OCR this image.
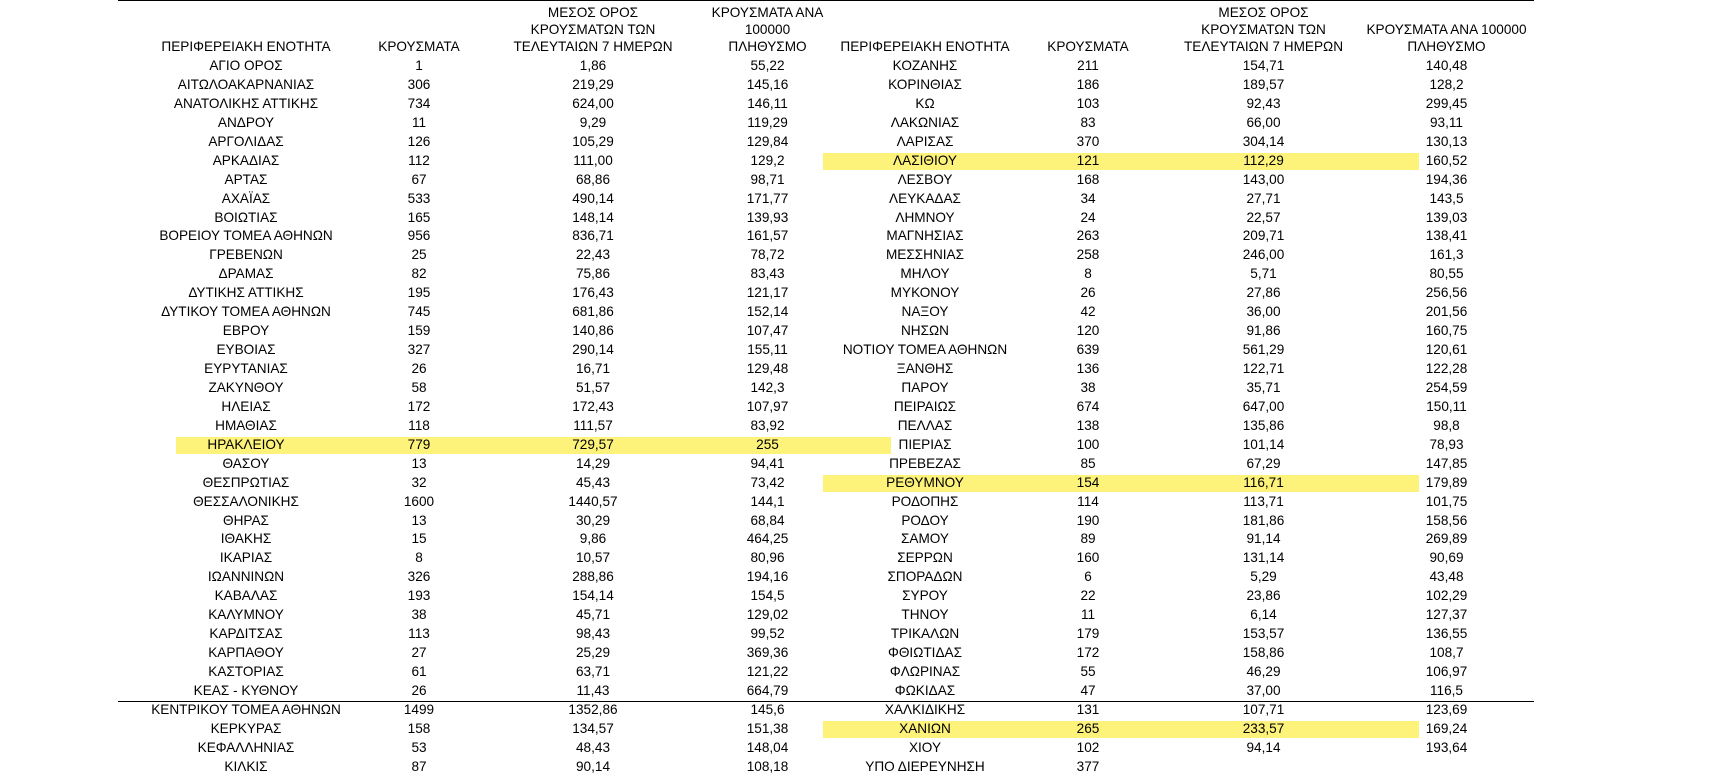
ΠΕΡΙΦΕΡΕΙΑΚΗ ΕΝΟΤΗΤΑ	ΚΡΟΥΣΜΑΤΑ
ΜΕΣΟΣ ΟΡΟΣ
ΚΡΟΥΣΜΑΤΩΝ ΤΩΝ
ΤΕΛΕΥΤΑΙΩΝ 7 ΗΜΕΡΩΝ
ΚΡΟΥΣΜΑΤΑ ΑΝΑ 100000
ΠΛΗΘΥΣΜΟ
ΑΓΙΟ ΟΡΟΣ	1	1,86	55,22
ΑΙΤΩΛΟΑΚΑΡΝΑΝΙΑΣ	306	219,29	145,16
ΑΝΑΤΟΛΙΚΗΣ ΑΤΤΙΚΗΣ	734	624,00	146,11
ΑΝΔΡΟΥ	11	9,29	119,29
ΑΡΓΟΛΙΔΑΣ	126	105,29	129,84
ΑΡΚΑΔΙΑΣ	112	111,00	129,2
ΑΡΤΑΣ	67	68,86	98,71
ΑΧΑΪΑΣ	533	490,14	171,77
ΒΟΙΩΤΙΑΣ	165	148,14	139,93
ΒΟΡΕΙΟΥ ΤΟΜΕΑ ΑΘΗΝΩΝ	956	836,71	161,57
ΓΡΕΒΕΝΩΝ	25	22,43	78,72
ΔΡΑΜΑΣ	82	75,86	83,43
ΔΥΤΙΚΗΣ ΑΤΤΙΚΗΣ	195	176,43	121,17
ΔΥΤΙΚΟΥ ΤΟΜΕΑ ΑΘΗΝΩΝ	745	681,86	152,14
ΕΒΡΟΥ	159	140,86	107,47
ΕΥΒΟΙΑΣ	327	290,14	155,11
ΕΥΡΥΤΑΝΙΑΣ	26	16,71	129,48
ΖΑΚΥΝΘΟΥ	58	51,57	142,3
ΗΛΕΙΑΣ	172	172,43	107,97
ΗΜΑΘΙΑΣ	118	111,57	83,92
ΗΡΑΚΛΕΙΟΥ	779	729,57	255
ΘΑΣΟΥ	13	14,29	94,41
ΘΕΣΠΡΩΤΙΑΣ	32	45,43	73,42
ΘΕΣΣΑΛΟΝΙΚΗΣ	1600	1440,57	144,1
ΘΗΡΑΣ	13	30,29	68,84
ΙΘΑΚΗΣ	15	9,86	464,25
ΙΚΑΡΙΑΣ	8	10,57	80,96
ΙΩΑΝΝΙΝΩΝ	326	288,86	194,16
ΚΑΒΑΛΑΣ	193	154,14	154,5
ΚΑΛΥΜΝΟΥ	38	45,71	129,02
ΚΑΡΔΙΤΣΑΣ	113	98,43	99,52
ΚΑΡΠΑΘΟΥ	27	25,29	369,36
ΚΑΣΤΟΡΙΑΣ	61	63,71	121,22
ΚΕΑΣ - ΚΥΘΝΟΥ	26	11,43	664,79
ΚΕΝΤΡΙΚΟΥ ΤΟΜΕΑ ΑΘΗΝΩΝ	1499	1352,86	145,6
ΚΕΡΚΥΡΑΣ	158	134,57	151,38
ΚΕΦΑΛΛΗΝΙΑΣ	53	48,43	148,04
ΚΙΛΚΙΣ	87	90,14	108,18
ΠΕΡΙΦΕΡΕΙΑΚΗ ΕΝΟΤΗΤΑ	ΚΡΟΥΣΜΑΤΑ
ΜΕΣΟΣ ΟΡΟΣ
ΚΡΟΥΣΜΑΤΩΝ ΤΩΝ
ΤΕΛΕΥΤΑΙΩΝ 7 ΗΜΕΡΩΝ
ΚΡΟΥΣΜΑΤΑ ΑΝΑ 100000
ΠΛΗΘΥΣΜΟ
ΚΟΖΑΝΗΣ	211	154,71	140,48
ΚΟΡΙΝΘΙΑΣ	186	189,57	128,2
ΚΩ	103	92,43	299,45
ΛΑΚΩΝΙΑΣ	83	66,00	93,11
ΛΑΡΙΣΑΣ	370	304,14	130,13
ΛΑΣΙΘΙΟΥ	121	112,29	160,52
ΛΕΣΒΟΥ	168	143,00	194,36
ΛΕΥΚΑΔΑΣ	34	27,71	143,5
ΛΗΜΝΟΥ	24	22,57	139,03
ΜΑΓΝΗΣΙΑΣ	263	209,71	138,41
ΜΕΣΣΗΝΙΑΣ	258	246,00	161,3
ΜΗΛΟΥ	8	5,71	80,55
ΜΥΚΟΝΟΥ	26	27,86	256,56
ΝΑΞΟΥ	42	36,00	201,56
ΝΗΣΩΝ	120	91,86	160,75
ΝΟΤΙΟΥ ΤΟΜΕΑ ΑΘΗΝΩΝ	639	561,29	120,61
ΞΑΝΘΗΣ	136	122,71	122,28
ΠΑΡΟΥ	38	35,71	254,59
ΠΕΙΡΑΙΩΣ	674	647,00	150,11
ΠΕΛΛΑΣ	138	135,86	98,8
ΠΙΕΡΙΑΣ	100	101,14	78,93
ΠΡΕΒΕΖΑΣ	85	67,29	147,85
ΡΕΘΥΜΝΟΥ	154	116,71	179,89
ΡΟΔΟΠΗΣ	114	113,71	101,75
ΡΟΔΟΥ	190	181,86	158,56
ΣΑΜΟΥ	89	91,14	269,89
ΣΕΡΡΩΝ	160	131,14	90,69
ΣΠΟΡΑΔΩΝ	6	5,29	43,48
ΣΥΡΟΥ	22	23,86	102,29
ΤΗΝΟΥ	11	6,14	127,37
ΤΡΙΚΑΛΩΝ	179	153,57	136,55
ΦΘΙΩΤΙΔΑΣ	172	158,86	108,7
ΦΛΩΡΙΝΑΣ	55	46,29	106,97
ΦΩΚΙΔΑΣ	47	37,00	116,5
ΧΑΛΚΙΔΙΚΗΣ	131	107,71	123,69
ΧΑΝΙΩΝ	265	233,57	169,24
ΧΙΟΥ	102	94,14	193,64
ΥΠΟ ΔΙΕΡΕΥΝΗΣΗ	377
